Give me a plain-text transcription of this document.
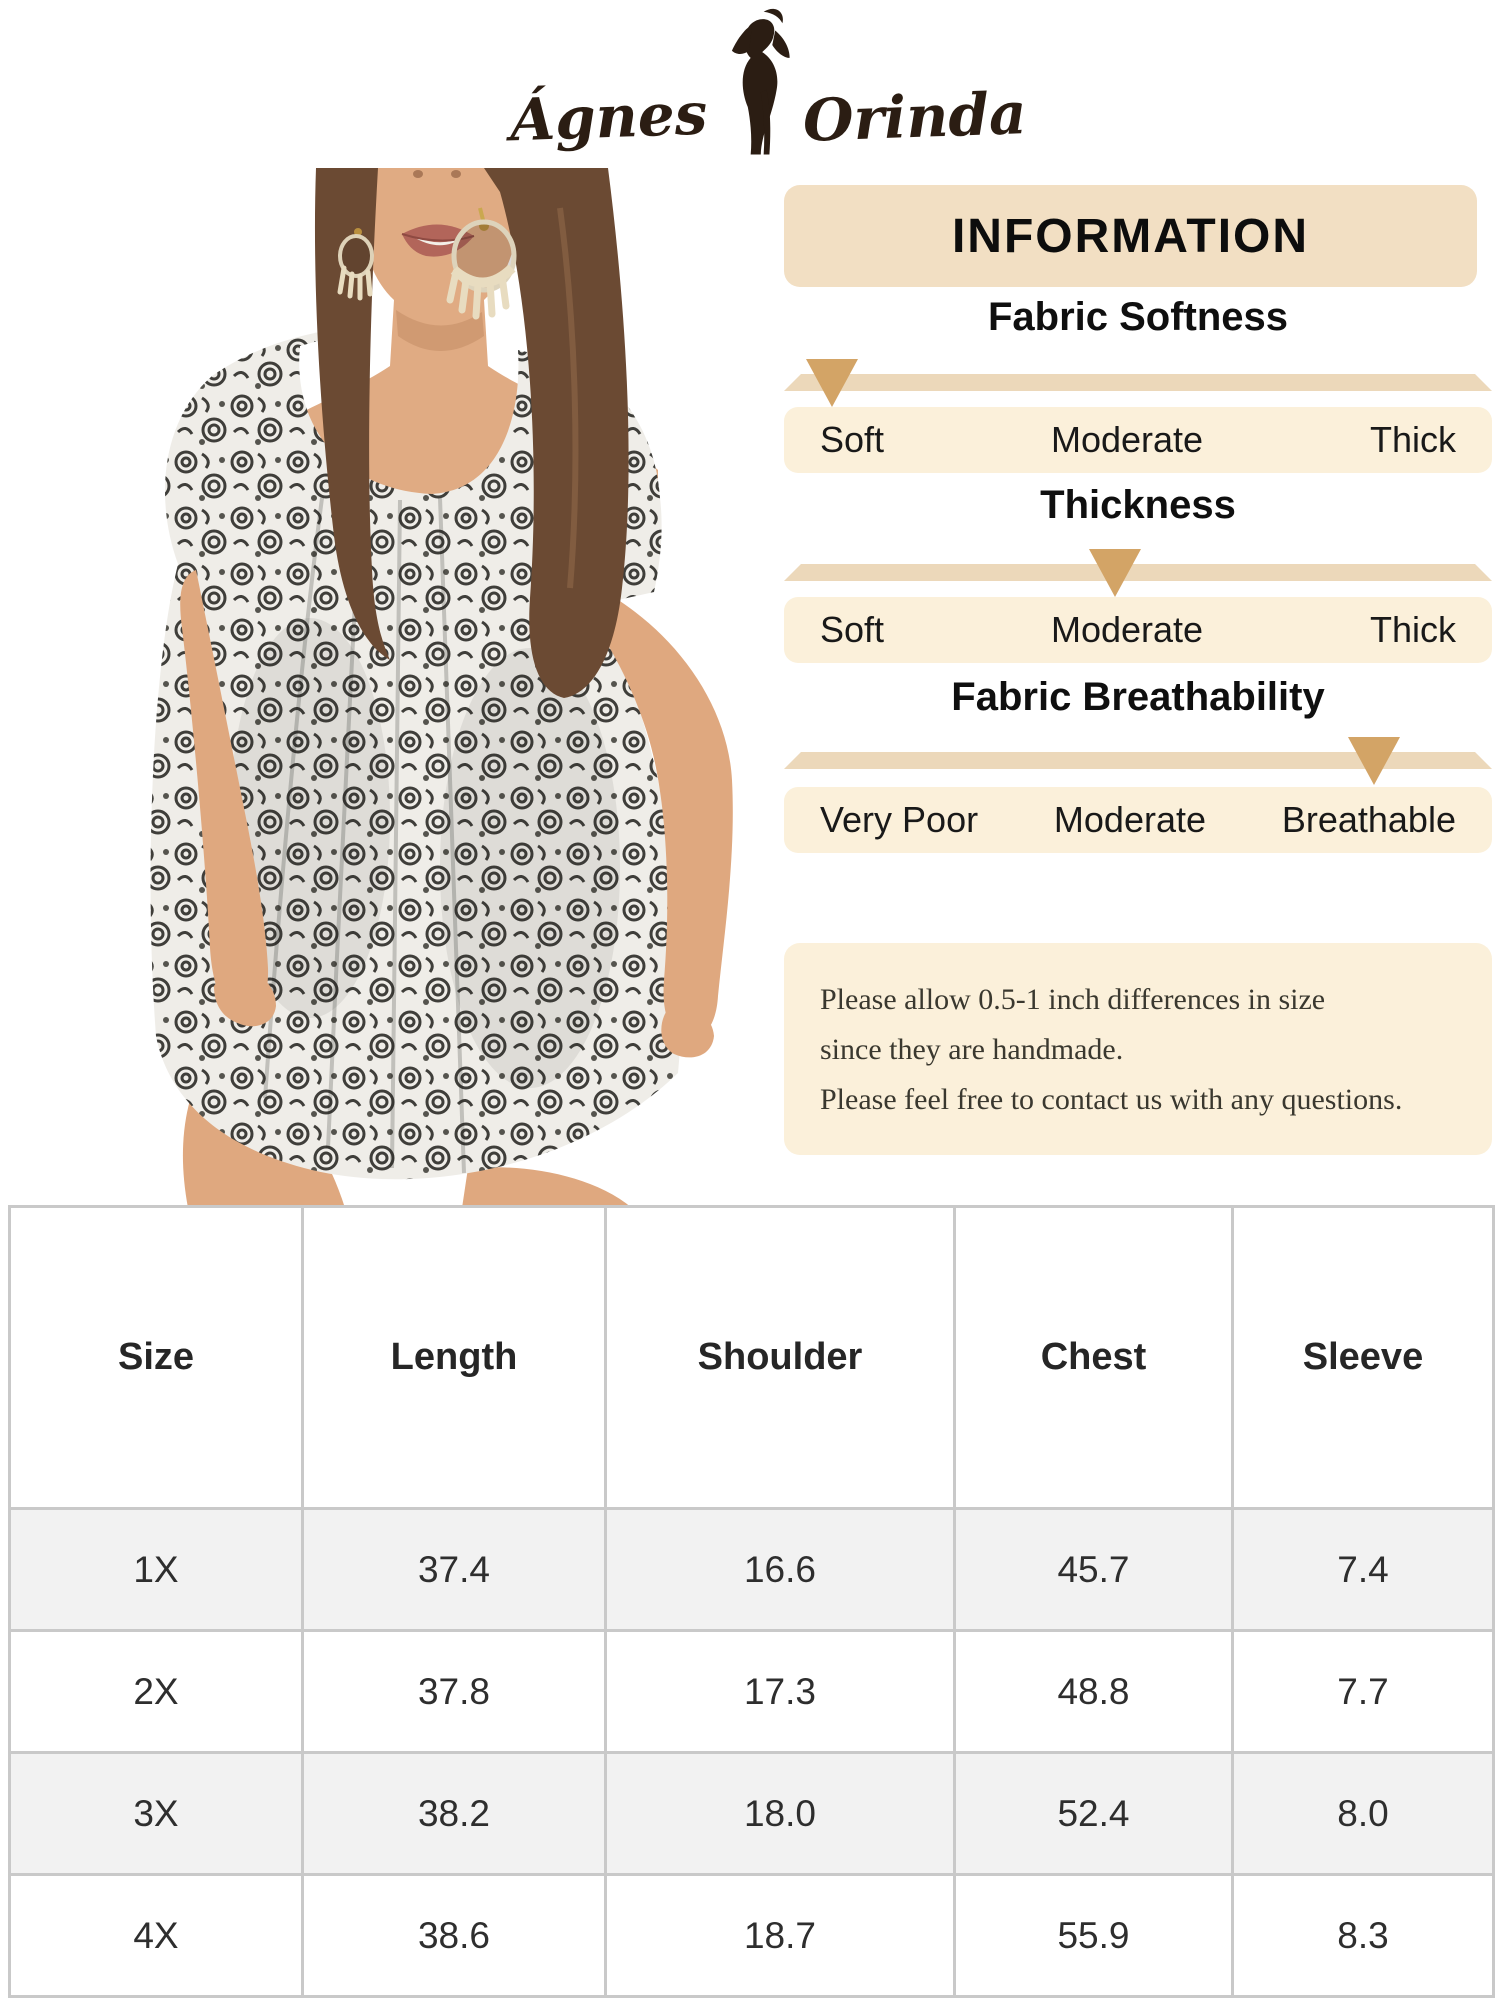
Ágnes Orinda
INFORMATION
Fabric Softness
Soft	Moderate	Thick
Thickness
Soft	Moderate	Thick
Fabric Breathability
Very Poor Moderate Breathable

Please allow 0.5-1 inch differences in size

since they are handmade.

Please feel free to contact us with any questions.

Size	Length	Shoulder	Chest	Sleeve
1X	37.4	16.6	45.7	7.4
2X	37.8	17.3	48.8	7.7
3X	38.2	18.0	52.4	8.0
4X	38.6	18.7	55.9	8.3
